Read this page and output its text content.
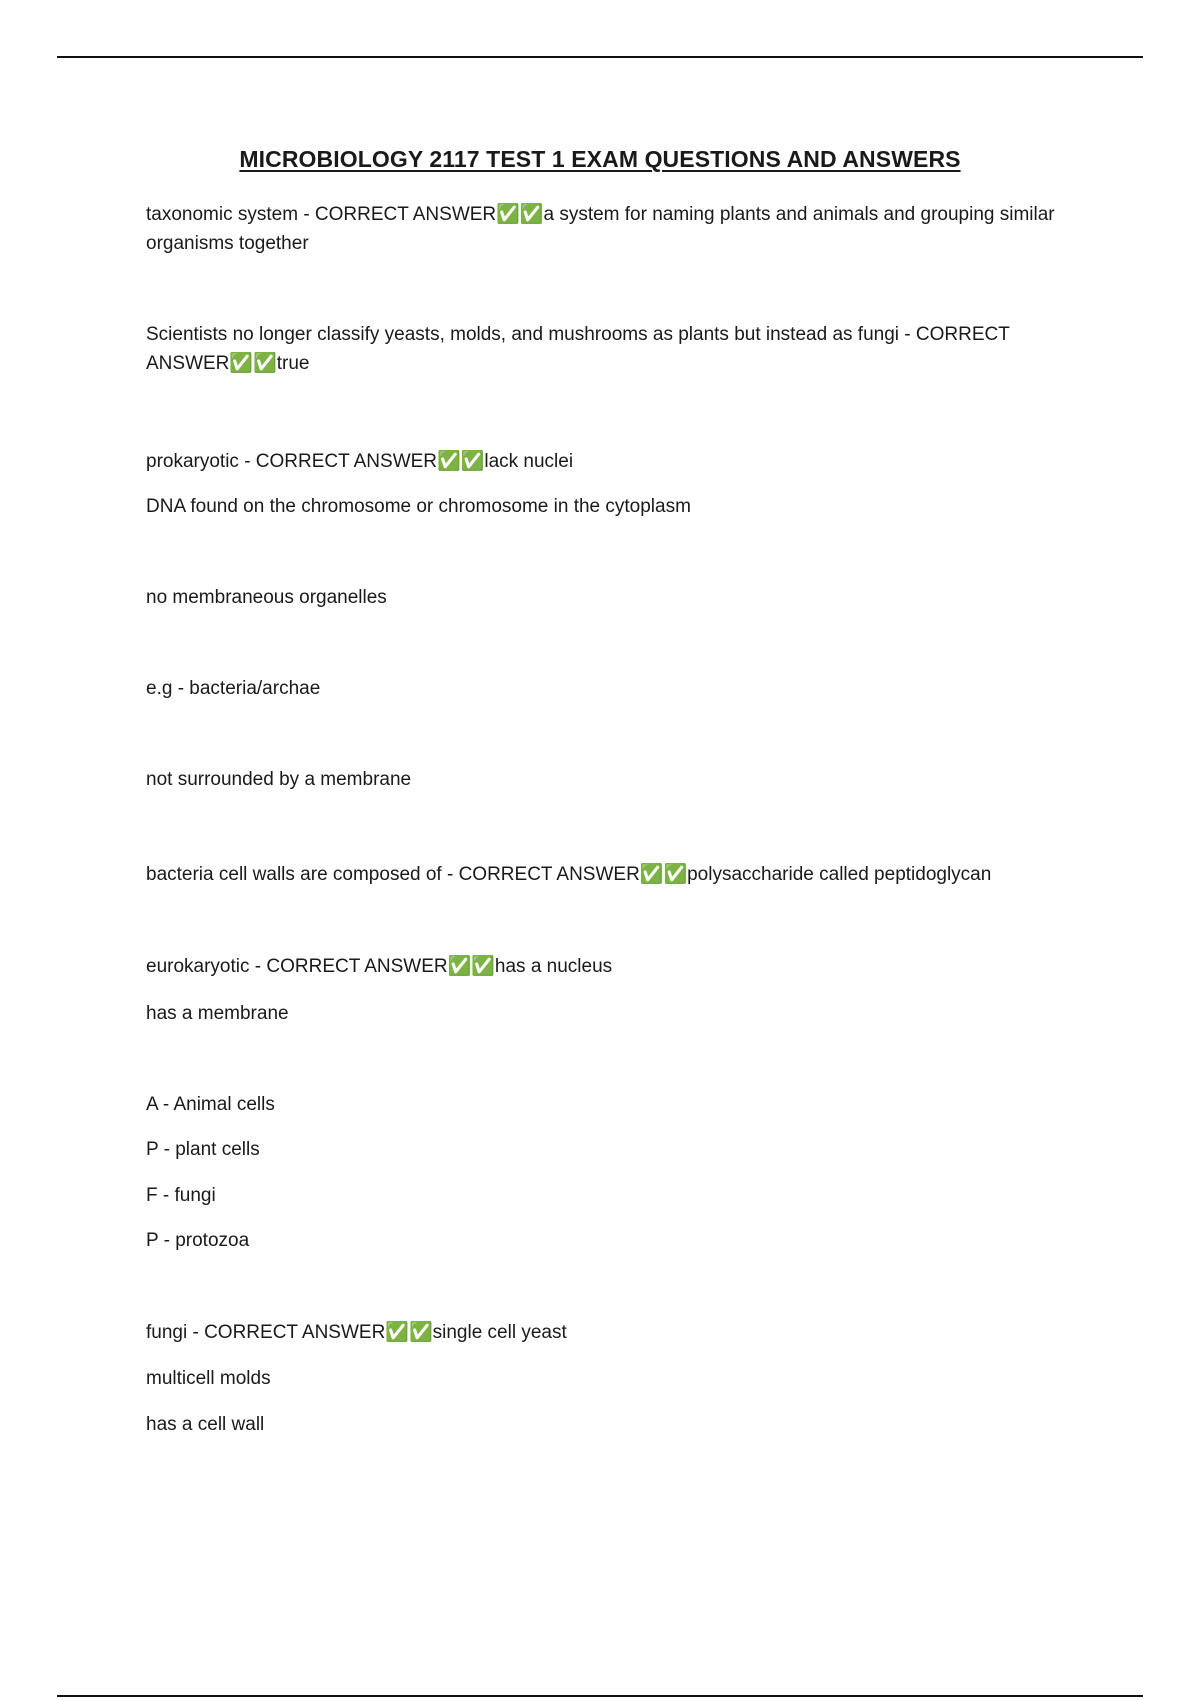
MICROBIOLOGY 2117 TEST 1 EXAM QUESTIONS AND ANSWERS
taxonomic system - CORRECT ANSWER✅✅a system for naming plants and animals and grouping similar organisms together
Scientists no longer classify yeasts, molds, and mushrooms as plants but instead as fungi - CORRECT ANSWER✅✅true
prokaryotic - CORRECT ANSWER✅✅lack nuclei
DNA found on the chromosome or chromosome in the cytoplasm
no membraneous organelles
e.g - bacteria/archae
not surrounded by a membrane
bacteria cell walls are composed of - CORRECT ANSWER✅✅polysaccharide called peptidoglycan
eurokaryotic - CORRECT ANSWER✅✅has a nucleus
has a membrane
A - Animal cells
P - plant cells
F - fungi
P - protozoa
fungi - CORRECT ANSWER✅✅single cell yeast
multicell molds
has a cell wall
